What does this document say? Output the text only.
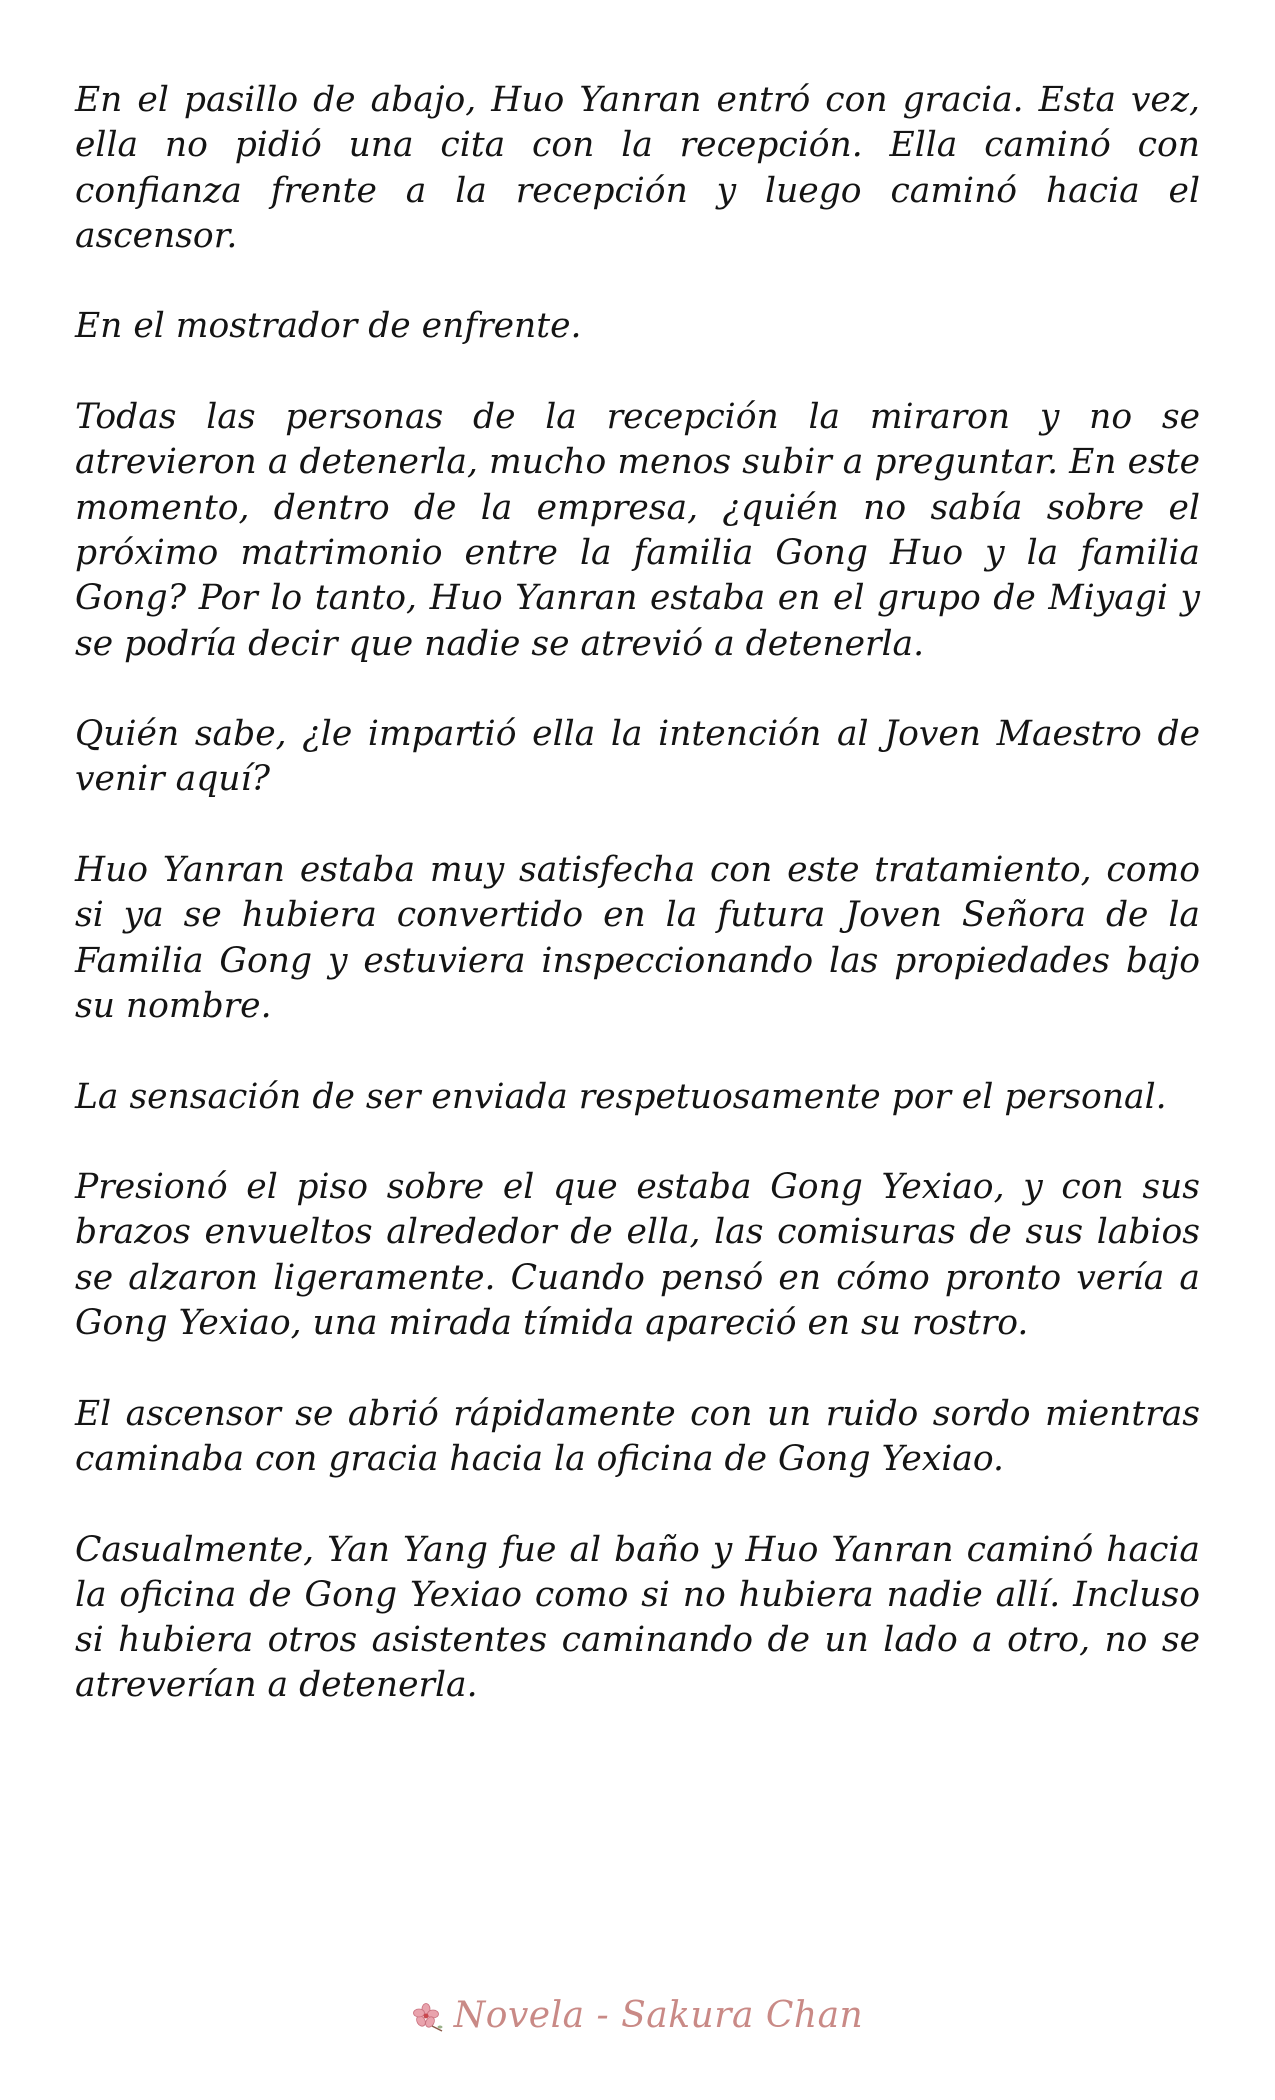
En el pasillo de abajo, Huo Yanran entró con gracia. Esta vez, ella no pidió una cita con la recepción. Ella caminó con confianza frente a la recepción y luego caminó hacia el ascensor.

En el mostrador de enfrente.

Todas las personas de la recepción la miraron y no se atrevieron a detenerla, mucho menos subir a preguntar. En este momento, dentro de la empresa, ¿quién no sabía sobre el próximo matrimonio entre la familia Gong Huo y la familia Gong? Por lo tanto, Huo Yanran estaba en el grupo de Miyagi y se podría decir que nadie se atrevió a detenerla.

Quién sabe, ¿le impartió ella la intención al Joven Maestro de venir aquí?

Huo Yanran estaba muy satisfecha con este tratamiento, como si ya se hubiera convertido en la futura Joven Señora de la Familia Gong y estuviera inspeccionando las propiedades bajo su nombre.

La sensación de ser enviada respetuosamente por el personal.

Presionó el piso sobre el que estaba Gong Yexiao, y con sus brazos envueltos alrededor de ella, las comisuras de sus labios se alzaron ligeramente. Cuando pensó en cómo pronto vería a Gong Yexiao, una mirada tímida apareció en su rostro.

El ascensor se abrió rápidamente con un ruido sordo mientras caminaba con gracia hacia la oficina de Gong Yexiao.

Casualmente, Yan Yang fue al baño y Huo Yanran caminó hacia la oficina de Gong Yexiao como si no hubiera nadie allí. Incluso si hubiera otros asistentes caminando de un lado a otro, no se atreverían a detenerla.

Novela - Sakura Chan
